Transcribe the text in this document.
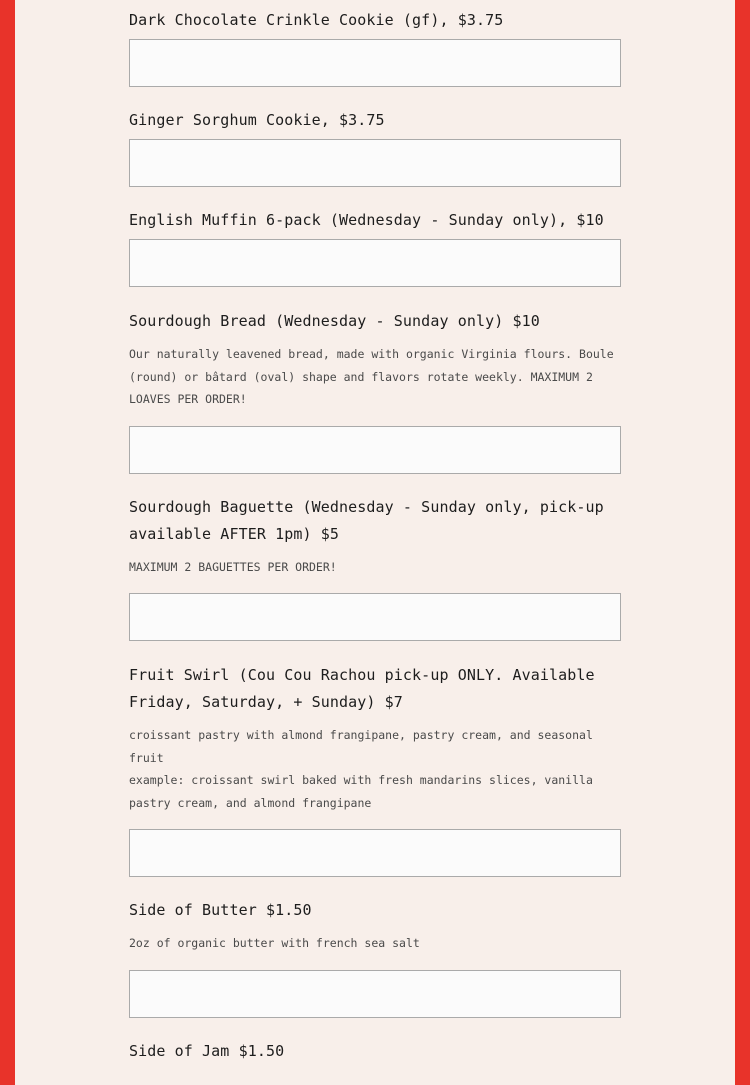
Dark Chocolate Crinkle Cookie (gf), $3.75

Ginger Sorghum Cookie, $3.75

English Muffin 6-pack (Wednesday - Sunday only), $10

Sourdough Bread (Wednesday - Sunday only) $10

Our naturally leavened bread, made with organic Virginia flours. Boule (round) or bâtard (oval) shape and flavors rotate weekly. MAXIMUM 2 LOAVES PER ORDER!

Sourdough Baguette (Wednesday - Sunday only, pick-up available AFTER 1pm) $5

MAXIMUM 2 BAGUETTES PER ORDER!

Fruit Swirl (Cou Cou Rachou pick-up ONLY. Available Friday, Saturday, + Sunday) $7

croissant pastry with almond frangipane, pastry cream, and seasonal fruit

example: croissant swirl baked with fresh mandarins slices, vanilla pastry cream, and almond frangipane

Side of Butter $1.50

2oz of organic butter with french sea salt

Side of Jam $1.50
